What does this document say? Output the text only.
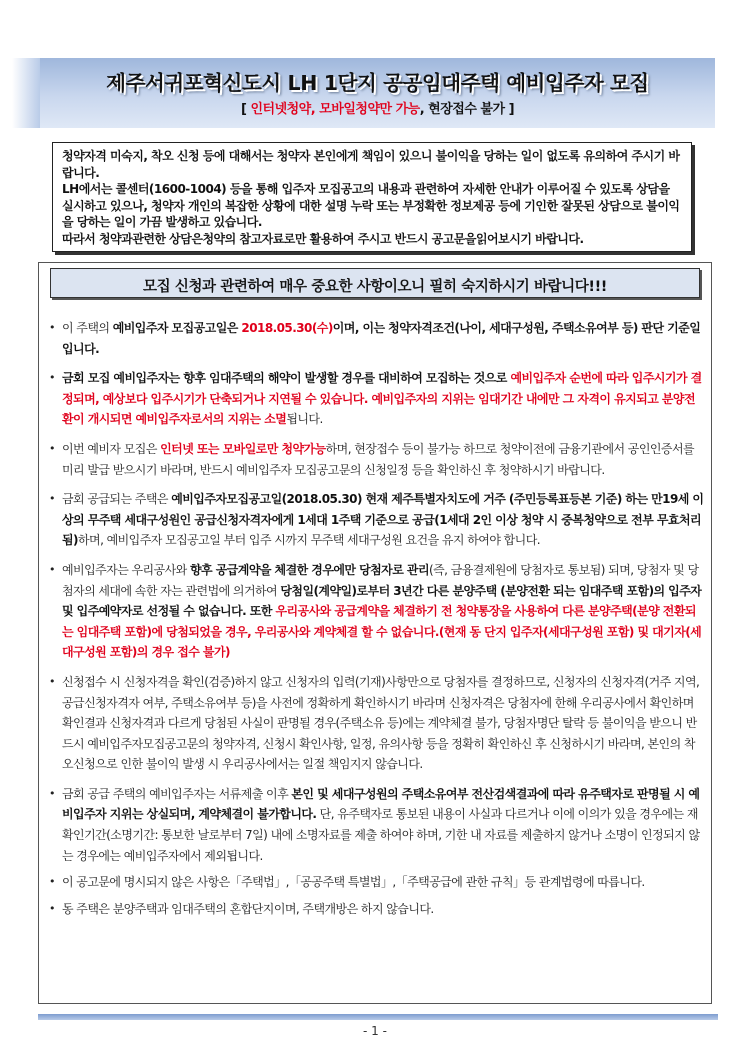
제주서귀포혁신도시 LH 1단지 공공임대주택 예비입주자 모집
[ 인터넷청약, 모바일청약만 가능, 현장접수 불가 ]

청약자격 미숙지, 착오 신청 등에 대해서는 청약자 본인에게 책임이 있으니 불이익을 당하는 일이 없도록 유의하여 주시기 바랍니다.

LH에서는 콜센터(1600-1004) 등을 통해 입주자 모집공고의 내용과 관련하여 자세한 안내가 이루어질 수 있도록 상담을 실시하고 있으나, 청약자 개인의 복잡한 상황에 대한 설명 누락 또는 부정확한 정보제공 등에 기인한 잘못된 상담으로 불이익을 당하는 일이 가끔 발생하고 있습니다.

따라서 청약과관련한 상담은청약의 참고자료로만 활용하여 주시고 반드시 공고문을읽어보시기 바랍니다.

모집 신청과 관련하여 매우 중요한 사항이오니 필히 숙지하시기 바랍니다!!!
• 이 주택의 예비입주자 모집공고일은 2018.05.30(수)이며, 이는 청약자격조건(나이, 세대구성원, 주택소유여부 등) 판단 기준일입니다.
• 금회 모집 예비입주자는 향후 임대주택의 해약이 발생할 경우를 대비하여 모집하는 것으로 예비입주자 순번에 따라 입주시기가 결정되며, 예상보다 입주시기가 단축되거나 지연될 수 있습니다. 예비입주자의 지위는 임대기간 내에만 그 자격이 유지되고 분양전환이 개시되면 예비입주자로서의 지위는 소멸됩니다.
• 이번 예비자 모집은 인터넷 또는 모바일로만 청약가능하며, 현장접수 등이 불가능 하므로 청약이전에 금융기관에서 공인인증서를 미리 발급 받으시기 바라며, 반드시 예비입주자 모집공고문의 신청일정 등을 확인하신 후 청약하시기 바랍니다.
• 금회 공급되는 주택은 예비입주자모집공고일(2018.05.30) 현재 제주특별자치도에 거주 (주민등록표등본 기준) 하는 만19세 이상의 무주택 세대구성원인 공급신청자격자에게 1세대 1주택 기준으로 공급(1세대 2인 이상 청약 시 중복청약으로 전부 무효처리 됨)하며, 예비입주자 모집공고일 부터 입주 시까지 무주택 세대구성원 요건을 유지 하여야 합니다.
• 예비입주자는 우리공사와 향후 공급계약을 체결한 경우에만 당첨자로 관리(즉, 금융결제원에 당첨자로 통보됨) 되며, 당첨자 및 당첨자의 세대에 속한 자는 관련법에 의거하여 당첨일(계약일)로부터 3년간 다른 분양주택 (분양전환 되는 임대주택 포함)의 입주자 및 입주예약자로 선정될 수 없습니다. 또한 우리공사와 공급계약을 체결하기 전 청약통장을 사용하여 다른 분양주택(분양 전환되는 임대주택 포함)에 당첨되었을 경우, 우리공사와 계약체결 할 수 없습니다.(현재 동 단지 입주자(세대구성원 포함) 및 대기자(세대구성원 포함)의 경우 접수 불가)
• 신청접수 시 신청자격을 확인(검증)하지 않고 신청자의 입력(기재)사항만으로 당첨자를 결정하므로, 신청자의 신청자격(거주 지역, 공급신청자격자 여부, 주택소유여부 등)을 사전에 정확하게 확인하시기 바라며 신청자격은 당첨자에 한해 우리공사에서 확인하며 확인결과 신청자격과 다르게 당첨된 사실이 판명될 경우(주택소유 등)에는 계약체결 불가, 당첨자명단 탈락 등 불이익을 받으니 반드시 예비입주자모집공고문의 청약자격, 신청시 확인사항, 일정, 유의사항 등을 정확히 확인하신 후 신청하시기 바라며, 본인의 착오신청으로 인한 불이익 발생 시 우리공사에서는 일절 책임지지 않습니다.
• 금회 공급 주택의 예비입주자는 서류제출 이후 본인 및 세대구성원의 주택소유여부 전산검색결과에 따라 유주택자로 판명될 시 예비입주자 지위는 상실되며, 계약체결이 불가합니다. 단, 유주택자로 통보된 내용이 사실과 다르거나 이에 이의가 있을 경우에는 재확인기간(소명기간: 통보한 날로부터 7일) 내에 소명자료를 제출 하여야 하며, 기한 내 자료를 제출하지 않거나 소명이 인정되지 않는 경우에는 예비입주자에서 제외됩니다.
• 이 공고문에 명시되지 않은 사항은「주택법」,「공공주택 특별법」,「주택공급에 관한 규칙」등 관계법령에 따릅니다.
• 동 주택은 분양주택과 임대주택의 혼합단지이며, 주택개방은 하지 않습니다.
- 1 -
